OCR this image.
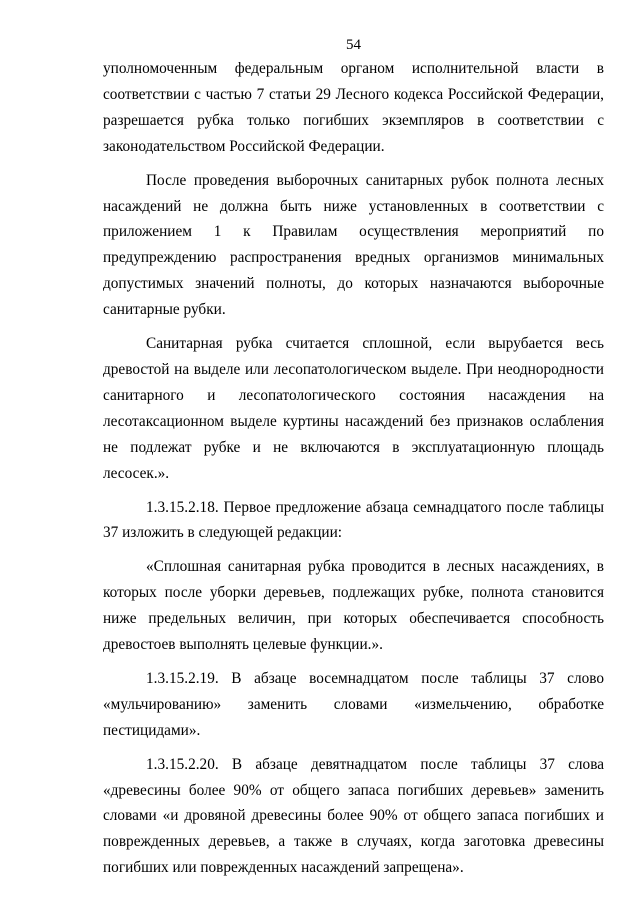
54

уполномоченным федеральным органом исполнительной власти в соответствии с частью 7 статьи 29 Лесного кодекса Российской Федерации, разрешается рубка только погибших экземпляров в соответствии с законодательством Российской Федерации.

После проведения выборочных санитарных рубок полнота лесных насаждений не должна быть ниже установленных в соответствии с приложением 1 к Правилам осуществления мероприятий по предупреждению распространения вредных организмов минимальных допустимых значений полноты, до которых назначаются выборочные санитарные рубки.

Санитарная рубка считается сплошной, если вырубается весь древостой на выделе или лесопатологическом выделе. При неоднородности санитарного и лесопатологического состояния насаждения на лесотаксационном выделе куртины насаждений без признаков ослабления не подлежат рубке и не включаются в эксплуатационную площадь лесосек.».

1.3.15.2.18. Первое предложение абзаца семнадцатого после таблицы 37 изложить в следующей редакции:

«Сплошная санитарная рубка проводится в лесных насаждениях, в которых после уборки деревьев, подлежащих рубке, полнота становится ниже предельных величин, при которых обеспечивается способность древостоев выполнять целевые функции.».

1.3.15.2.19. В абзаце восемнадцатом после таблицы 37 слово «мульчированию» заменить словами «измельчению, обработке пестицидами».

1.3.15.2.20. В абзаце девятнадцатом после таблицы 37 слова «древесины более 90% от общего запаса погибших деревьев» заменить словами «и дровяной древесины более 90% от общего запаса погибших и поврежденных деревьев, а также в случаях, когда заготовка древесины погибших или поврежденных насаждений запрещена».
